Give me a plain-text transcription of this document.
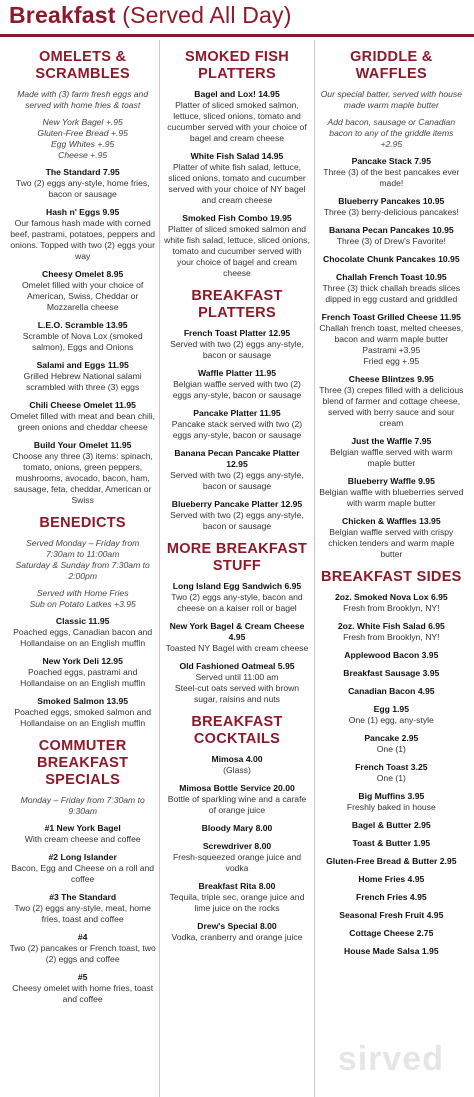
Breakfast (Served All Day)
OMELETS & SCRAMBLES
Made with (3) farm fresh eggs and served with home fries & toast
New York Bagel +.95
Gluten-Free Bread +.95
Egg Whites +.95
Cheese +.95
The Standard 7.95
Two (2) eggs any-style, home fries, bacon or sausage
Hash n' Eggs 9.95
Our famous hash made with corned beef, pastrami, potatoes, peppers and onions. Topped with two (2) eggs your way
Cheesy Omelet 8.95
Omelet filled with your choice of American, Swiss, Cheddar or Mozzarella cheese
L.E.O. Scramble 13.95
Scramble of Nova Lox (smoked salmon), Eggs and Onions
Salami and Eggs 11.95
Grilled Hebrew National salami scrambled with three (3) eggs
Chili Cheese Omelet 11.95
Omelet filled with meat and bean chili, green onions and cheddar cheese
Build Your Omelet 11.95
Choose any three (3) items: spinach, tomato, onions, green peppers, mushrooms, avocado, bacon, ham, sausage, feta, cheddar, American or Swiss
BENEDICTS
Served Monday – Friday from 7:30am to 11:00am
Saturday & Sunday from 7:30am to 2:00pm
Served with Home Fries
Sub on Potato Latkes +3.95
Classic 11.95
Poached eggs, Canadian bacon and Hollandaise on an English muffin
New York Deli 12.95
Poached eggs, pastrami and Hollandaise on an English muffin
Smoked Salmon 13.95
Poached eggs, smoked salmon and Hollandaise on an English muffin
COMMUTER BREAKFAST SPECIALS
Monday – Friday from 7:30am to 9:30am
#1 New York Bagel
With cream cheese and coffee
#2 Long Islander
Bacon, Egg and Cheese on a roll and coffee
#3 The Standard
Two (2) eggs any-style, meat, home fries, toast and coffee
#4
Two (2) pancakes or French toast, two (2) eggs and coffee
#5
Cheesy omelet with home fries, toast and coffee
SMOKED FISH PLATTERS
Bagel and Lox! 14.95
Platter of sliced smoked salmon, lettuce, sliced onions, tomato and cucumber served with your choice of bagel and cream cheese
White Fish Salad 14.95
Platter of white fish salad, lettuce, sliced onions, tomato and cucumber served with your choice of NY bagel and cream cheese
Smoked Fish Combo 19.95
Platter of sliced smoked salmon and white fish salad, lettuce, sliced onions, tomato and cucumber served with your choice of bagel and cream cheese
BREAKFAST PLATTERS
French Toast Platter 12.95
Served with two (2) eggs any-style, bacon or sausage
Waffle Platter 11.95
Belgian waffle served with two (2) eggs any-style, bacon or sausage
Pancake Platter 11.95
Pancake stack served with two (2) eggs any-style, bacon or sausage
Banana Pecan Pancake Platter 12.95
Served with two (2) eggs any-style, bacon or sausage
Blueberry Pancake Platter 12.95
Served with two (2) eggs any-style, bacon or sausage
MORE BREAKFAST STUFF
Long Island Egg Sandwich 6.95
Two (2) eggs any-style, bacon and cheese on a kaiser roll or bagel
New York Bagel & Cream Cheese 4.95
Toasted NY Bagel with cream cheese
Old Fashioned Oatmeal 5.95
Served until 11:00 am
Steel-cut oats served with brown sugar, raisins and nuts
BREAKFAST COCKTAILS
Mimosa 4.00
(Glass)
Mimosa Bottle Service 20.00
Bottle of sparkling wine and a carafe of orange juice
Bloody Mary 8.00
Screwdriver 8.00
Fresh-squeezed orange juice and vodka
Breakfast Rita 8.00
Tequila, triple sec, orange juice and lime juice on the rocks
Drew's Special 8.00
Vodka, cranberry and orange juice
GRIDDLE & WAFFLES
Our special batter, served with house made warm maple butter
Add bacon, sausage or Canadian bacon to any of the griddle items +2.95
Pancake Stack 7.95
Three (3) of the best pancakes ever made!
Blueberry Pancakes 10.95
Three (3) berry-delicious pancakes!
Banana Pecan Pancakes 10.95
Three (3) of Drew's Favorite!
Chocolate Chunk Pancakes 10.95
Challah French Toast 10.95
Three (3) thick challah breads slices dipped in egg custard and griddled
French Toast Grilled Cheese 11.95
Challah french toast, melted cheeses, bacon and warm maple butter
Pastrami +3.95
Fried egg +.95
Cheese Blintzes 9.95
Three (3) crepes filled with a delicious blend of farmer and cottage cheese, served with berry sauce and sour cream
Just the Waffle 7.95
Belgian waffle served with warm maple butter
Blueberry Waffle 9.95
Belgian waffle with blueberries served with warm maple butter
Chicken & Waffles 13.95
Belgian waffle served with crispy chicken tenders and warm maple butter
BREAKFAST SIDES
2oz. Smoked Nova Lox 6.95
Fresh from Brooklyn, NY!
2oz. White Fish Salad 6.95
Fresh from Brooklyn, NY!
Applewood Bacon 3.95
Breakfast Sausage 3.95
Canadian Bacon 4.95
Egg 1.95
One (1) egg, any-style
Pancake 2.95
One (1)
French Toast 3.25
One (1)
Big Muffins 3.95
Freshly baked in house
Bagel & Butter 2.95
Toast & Butter 1.95
Gluten-Free Bread & Butter 2.95
Home Fries 4.95
French Fries 4.95
Seasonal Fresh Fruit 4.95
Cottage Cheese 2.75
House Made Salsa 1.95
sirved
